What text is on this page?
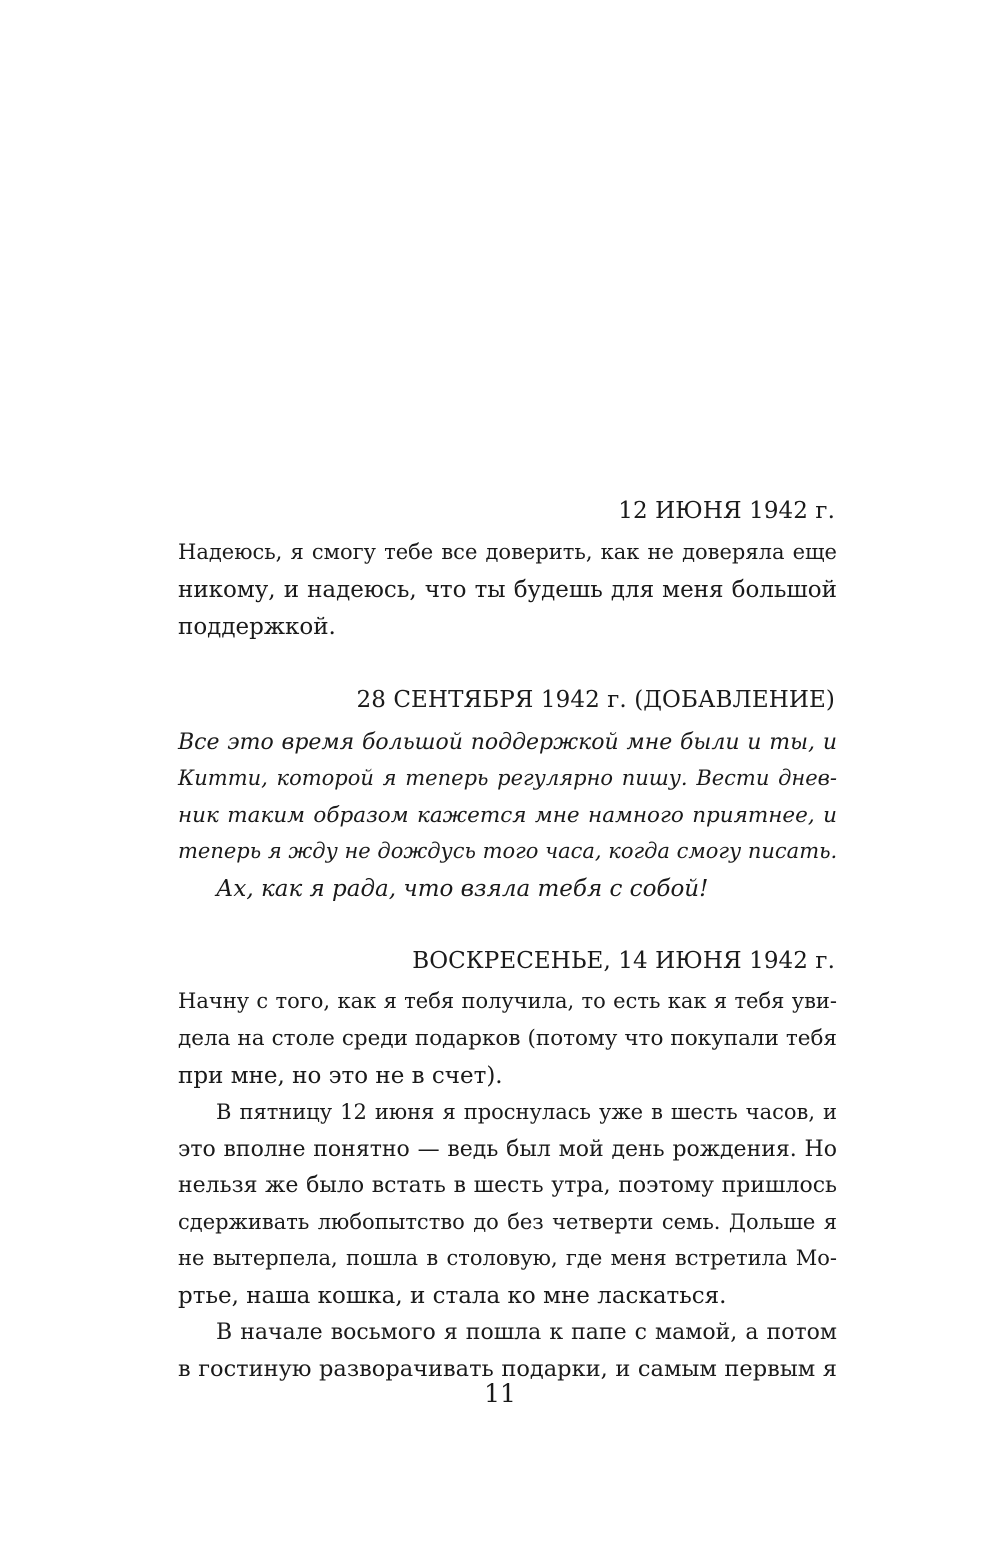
12 ИЮНЯ 1942 г.
Надеюсь, я смогу тебе все доверить, как не доверяла еще
никому, и надеюсь, что ты будешь для меня большой
поддержкой.
28 СЕНТЯБРЯ 1942 г. (ДОБАВЛЕНИЕ)
Все это время большой поддержкой мне были и ты, и
Китти, которой я теперь регулярно пишу. Вести днев-
ник таким образом кажется мне намного приятнее, и
теперь я жду не дождусь того часа, когда смогу писать.
Ах, как я рада, что взяла тебя с собой!
ВОСКРЕСЕНЬЕ, 14 ИЮНЯ 1942 г.
Начну с того, как я тебя получила, то есть как я тебя уви-
дела на столе среди подарков (потому что покупали тебя
при мне, но это не в счет).
В пятницу 12 июня я проснулась уже в шесть часов, и
это вполне понятно — ведь был мой день рождения. Но
нельзя же было встать в шесть утра, поэтому пришлось
сдерживать любопытство до без четверти семь. Дольше я
не вытерпела, пошла в столовую, где меня встретила Мо-
ртье, наша кошка, и стала ко мне ласкаться.
В начале восьмого я пошла к папе с мамой, а потом
в гостиную разворачивать подарки, и самым первым я
11
